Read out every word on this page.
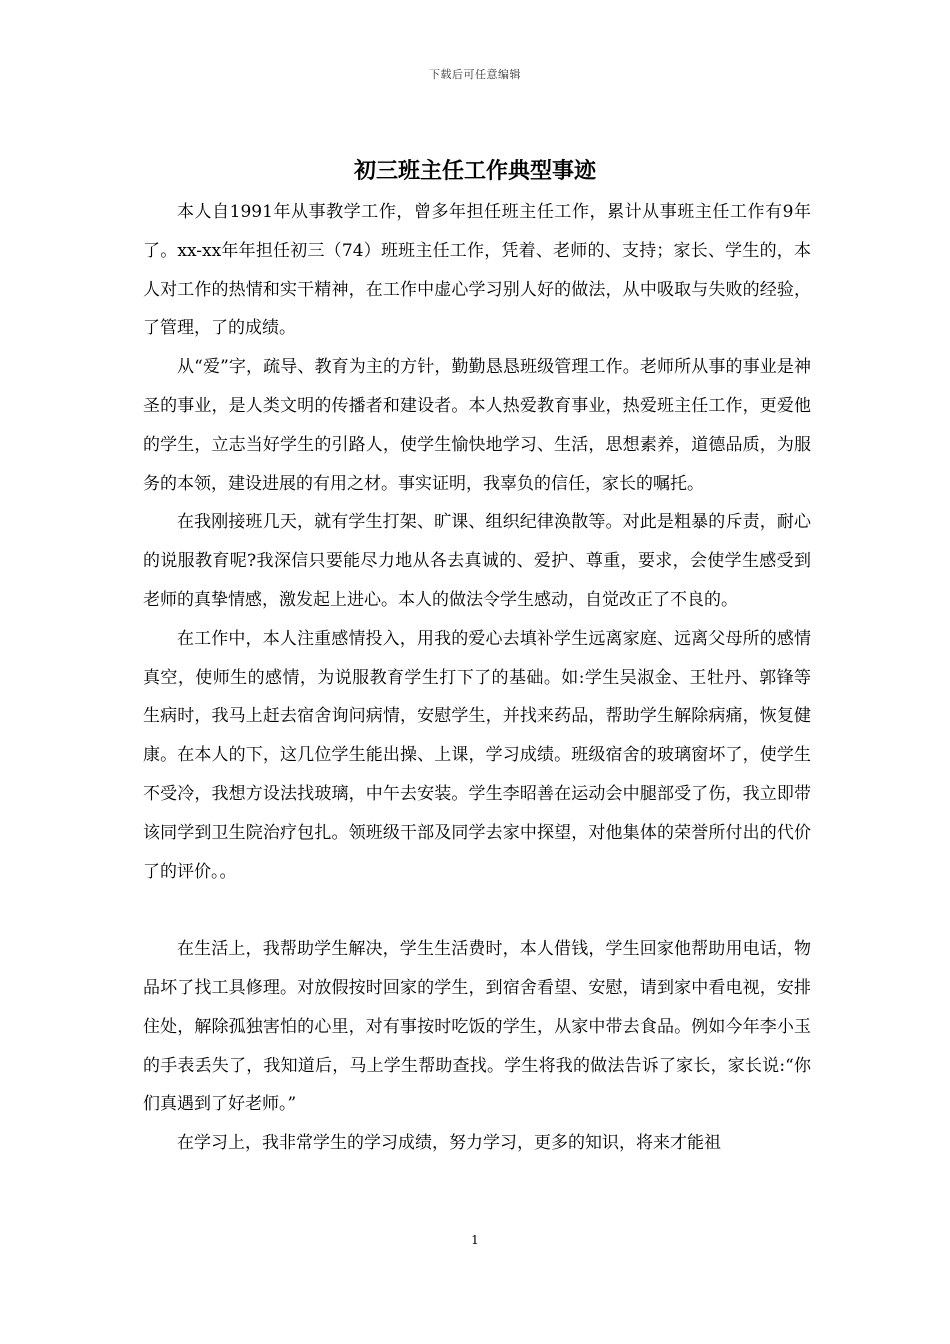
下载后可任意编辑
初三班主任工作典型事迹

本人自1991年从事教学工作，曾多年担任班主任工作，累计从事班主任工作有9年了。xx-xx年年担任初三（74）班班主任工作，凭着、老师的、支持；家长、学生的，本人对工作的热情和实干精神，在工作中虚心学习别人好的做法，从中吸取与失败的经验，了管理，了的成绩。

从“爱”字，疏导、教育为主的方针，勤勤恳恳班级管理工作。老师所从事的事业是神圣的事业，是人类文明的传播者和建设者。本人热爱教育事业，热爱班主任工作，更爱他的学生，立志当好学生的引路人，使学生愉快地学习、生活，思想素养，道德品质，为服务的本领，建设进展的有用之材。事实证明，我辜负的信任，家长的嘱托。

在我刚接班几天，就有学生打架、旷课、组织纪律涣散等。对此是粗暴的斥责，耐心的说服教育呢?我深信只要能尽力地从各去真诚的、爱护、尊重，要求，会使学生感受到老师的真挚情感，激发起上进心。本人的做法令学生感动，自觉改正了不良的。

在工作中，本人注重感情投入，用我的爱心去填补学生远离家庭、远离父母所的感情真空，使师生的感情，为说服教育学生打下了的基础。如:学生吴淑金、王牡丹、郭锋等生病时，我马上赶去宿舍询问病情，安慰学生，并找来药品，帮助学生解除病痛，恢复健康。在本人的下，这几位学生能出操、上课，学习成绩。班级宿舍的玻璃窗坏了，使学生不受冷，我想方设法找玻璃，中午去安装。学生李昭善在运动会中腿部受了伤，我立即带该同学到卫生院治疗包扎。领班级干部及同学去家中探望，对他集体的荣誉所付出的代价了的评价。。

在生活上，我帮助学生解决，学生生活费时，本人借钱，学生回家他帮助用电话，物品坏了找工具修理。对放假按时回家的学生，到宿舍看望、安慰，请到家中看电视，安排住处，解除孤独害怕的心里，对有事按时吃饭的学生，从家中带去食品。例如今年李小玉的手表丢失了，我知道后，马上学生帮助查找。学生将我的做法告诉了家长，家长说:“你们真遇到了好老师。”

在学习上，我非常学生的学习成绩，努力学习，更多的知识，将来才能祖

1
